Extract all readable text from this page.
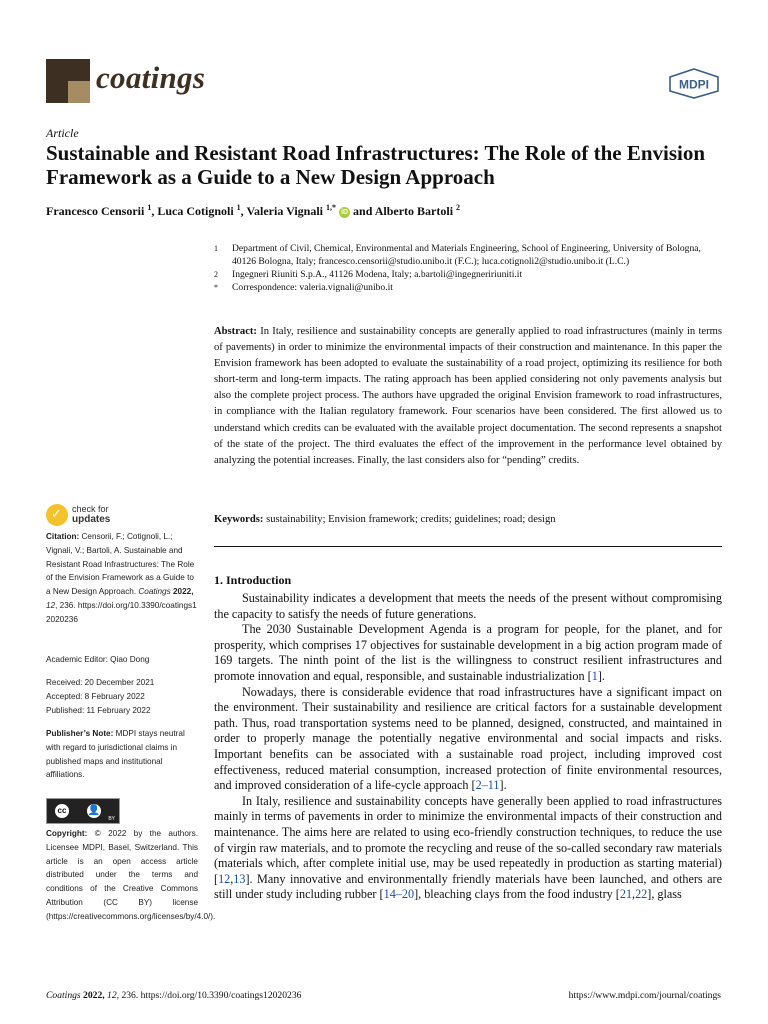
coatings	MDPI
Article
Sustainable and Resistant Road Infrastructures: The Role of the Envision Framework as a Guide to a New Design Approach
Francesco Censorii $^1$, Luca Cotignoli $^1$, Valeria Vignali $^{1,*}$ iD and Alberto Bartoli $^2$
1	Department of Civil, Chemical, Environmental and Materials Engineering, School of Engineering, University of Bologna, 40126 Bologna, Italy; francesco.censorii@studio.unibo.it (F.C.); luca.cotignoli2@studio.unibo.it (L.C.)
2	Ingegneri Riuniti S.p.A., 41126 Modena, Italy; a.bartoli@ingegneririuniti.it
*	Correspondence: valeria.vignali@unibo.it
Abstract: In Italy, resilience and sustainability concepts are generally applied to road infrastructures (mainly in terms of pavements) in order to minimize the environmental impacts of their construction and maintenance. In this paper the Envision framework has been adopted to evaluate the sustainability of a road project, optimizing its resilience for both short-term and long-term impacts. The rating approach has been applied considering not only pavements analysis but also the complete project process. The authors have upgraded the original Envision framework to road infrastructures, in compliance with the Italian regulatory framework. Four scenarios have been considered. The first allowed us to understand which credits can be evaluated with the available project documentation. The second represents a snapshot of the state of the project. The third evaluates the effect of the improvement in the performance level obtained by analyzing the potential increases. Finally, the last considers also for “pending” credits.
Keywords: sustainability; Envision framework; credits; guidelines; road; design
✓ check for
updates
Citation: Censorii, F.; Cotignoli, L.; Vignali, V.; Bartoli, A. Sustainable and Resistant Road Infrastructures: The Role of the Envision Framework as a Guide to a New Design Approach. Coatings 2022, 12, 236. https://doi.org/10.3390/coatings12020236
Academic Editor: Qiao Dong
Received: 20 December 2021
Accepted: 8 February 2022
Published: 11 February 2022
Publisher’s Note: MDPI stays neutral with regard to jurisdictional claims in published maps and institutional affiliations.
cc	👤
BY
Copyright: © 2022 by the authors. Licensee MDPI, Basel, Switzerland. This article is an open access article distributed under the terms and conditions of the Creative Commons Attribution (CC BY) license (https://creativecommons.org/licenses/by/4.0/).
1. Introduction

Sustainability indicates a development that meets the needs of the present without compromising the capacity to satisfy the needs of future generations.

The 2030 Sustainable Development Agenda is a program for people, for the planet, and for prosperity, which comprises 17 objectives for sustainable development in a big action program made of 169 targets. The ninth point of the list is the willingness to construct resilient infrastructures and promote innovation and equal, responsible, and sustainable industrialization [1].

Nowadays, there is considerable evidence that road infrastructures have a significant impact on the environment. Their sustainability and resilience are critical factors for a sustainable development path. Thus, road transportation systems need to be planned, designed, constructed, and maintained in order to properly manage the potentially negative environmental and social impacts and risks. Important benefits can be associated with a sustainable road project, including improved cost effectiveness, reduced material consumption, increased protection of finite environmental resources, and improved consideration of a life-cycle approach [2–11].

In Italy, resilience and sustainability concepts have generally been applied to road infrastructures mainly in terms of pavements in order to minimize the environmental impacts of their construction and maintenance. The aims here are related to using eco-friendly construction techniques, to reduce the use of virgin raw materials, and to promote the recycling and reuse of the so-called secondary raw materials (materials which, after complete initial use, may be used repeatedly in production as starting material) [12,13]. Many innovative and environmentally friendly materials have been launched, and others are still under study including rubber [14–20], bleaching clays from the food industry [21,22], glass

Coatings 2022, 12, 236. https://doi.org/10.3390/coatings12020236	https://www.mdpi.com/journal/coatings
